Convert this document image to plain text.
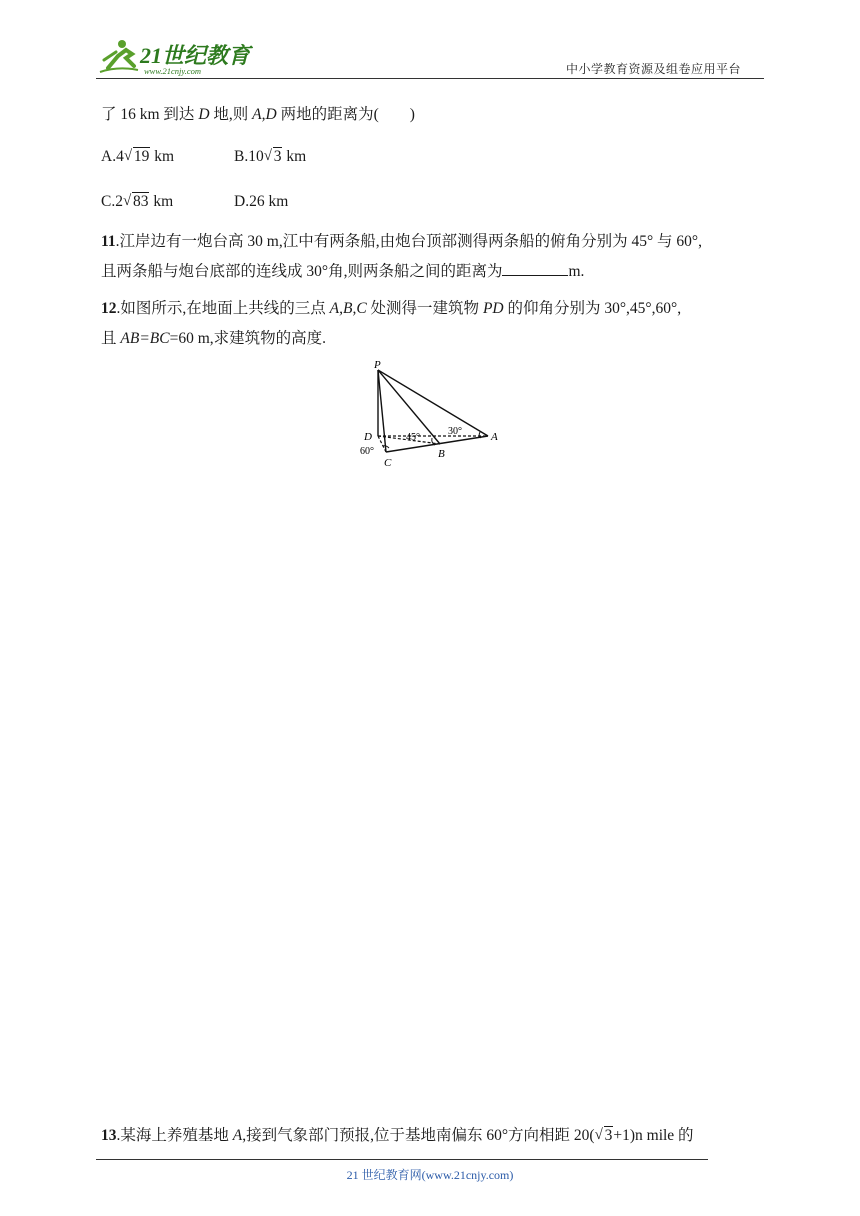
21世纪教育
www.21cnjy.com	中小学教育资源及组卷应用平台
了 16 km 到达 D 地,则 A,D 两地的距离为(　　)
A.4 √ 19 km	B.10 √ 3 km
C.2 √ 83 km	D.26 km
11.江岸边有一炮台高 30 m,江中有两条船,由炮台顶部测得两条船的俯角分别为 45° 与 60°,
且两条船与炮台底部的连线成 30°角,则两条船之间的距离为	m.
12.如图所示,在地面上共线的三点 A,B,C 处测得一建筑物 PD 的仰角分别为 30°,45°,60°,
且 AB=BC=60 m,求建筑物的高度.
P
D
C
B
A
60°
45°
30°
13.某海上养殖基地 A,接到气象部门预报,位于基地南偏东 60°方向相距 20( √ 3+1)n mile 的
21 世纪教育网(www.21cnjy.com)
